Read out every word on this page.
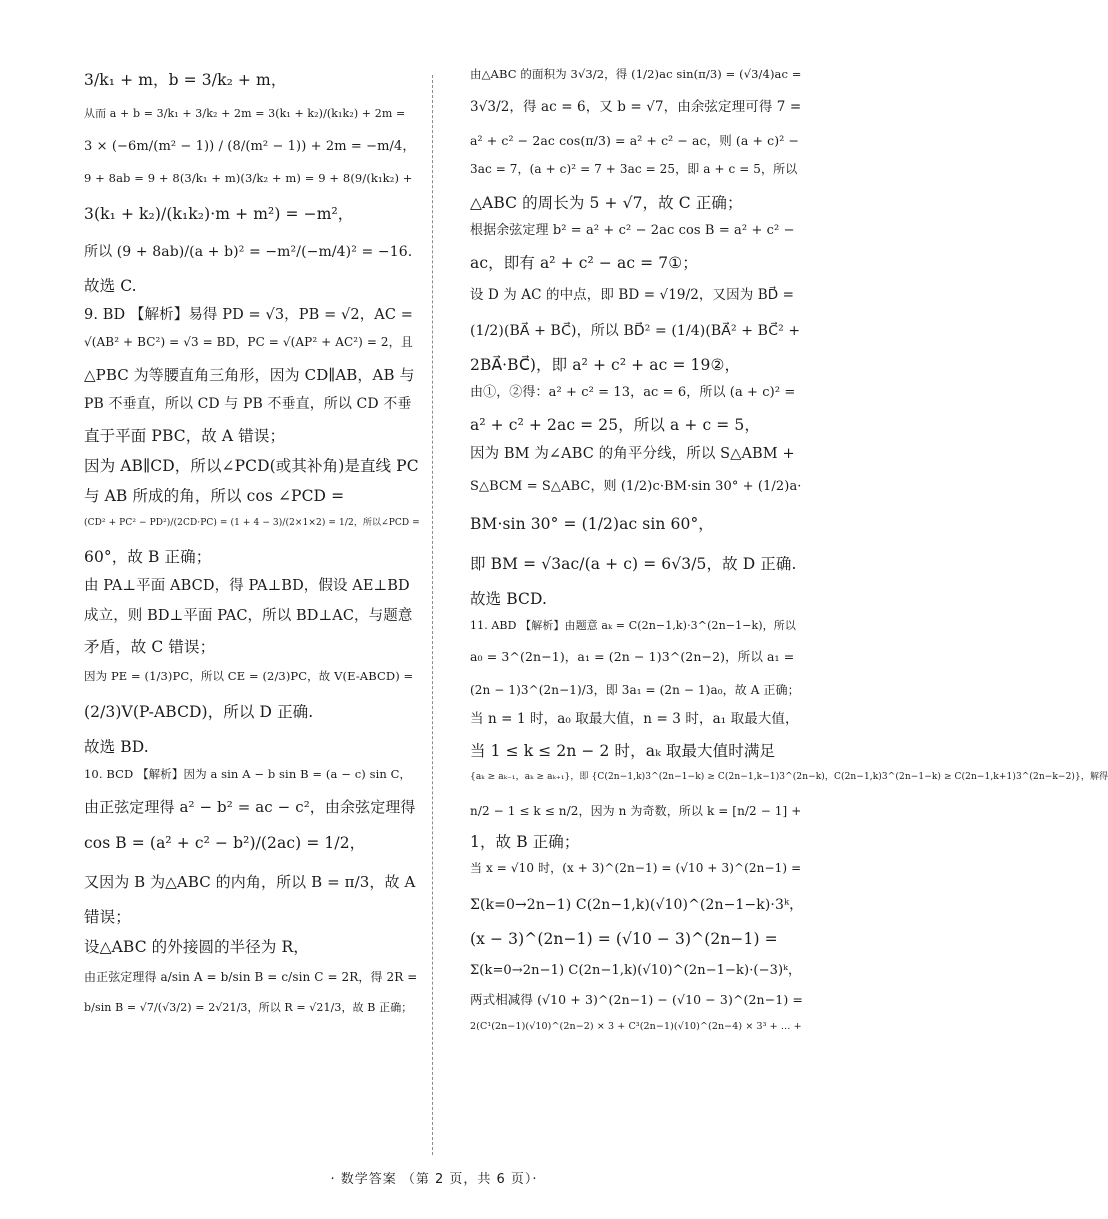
3/k₁ + m，b = 3/k₂ + m，

从而 a + b = 3/k₁ + 3/k₂ + 2m = 3(k₁ + k₂)/(k₁k₂) + 2m =

3 × (−6m/(m² − 1)) / (8/(m² − 1)) + 2m = −m/4，

9 + 8ab = 9 + 8(3/k₁ + m)(3/k₂ + m) = 9 + 8(9/(k₁k₂) +

3(k₁ + k₂)/(k₁k₂)·m + m²) = −m²，

所以 (9 + 8ab)/(a + b)² = −m²/(−m/4)² = −16.

故选 C.

9. BD 【解析】易得 PD = √3，PB = √2，AC =

√(AB² + BC²) = √3 = BD，PC = √(AP² + AC²) = 2，且

△PBC 为等腰直角三角形，因为 CD∥AB，AB 与

PB 不垂直，所以 CD 与 PB 不垂直，所以 CD 不垂

直于平面 PBC，故 A 错误；

因为 AB∥CD，所以∠PCD(或其补角)是直线 PC

与 AB 所成的角，所以 cos ∠PCD =

(CD² + PC² − PD²)/(2CD·PC) = (1 + 4 − 3)/(2×1×2) = 1/2，所以∠PCD =

60°，故 B 正确；

由 PA⊥平面 ABCD，得 PA⊥BD，假设 AE⊥BD

成立，则 BD⊥平面 PAC，所以 BD⊥AC，与题意

矛盾，故 C 错误；

因为 PE = (1/3)PC，所以 CE = (2/3)PC，故 V(E-ABCD) =

(2/3)V(P-ABCD)，所以 D 正确.

故选 BD.

10. BCD 【解析】因为 a sin A − b sin B = (a − c) sin C，

由正弦定理得 a² − b² = ac − c²，由余弦定理得

cos B = (a² + c² − b²)/(2ac) = 1/2，

又因为 B 为△ABC 的内角，所以 B = π/3，故 A

错误；

设△ABC 的外接圆的半径为 R，

由正弦定理得 a/sin A = b/sin B = c/sin C = 2R，得 2R =

b/sin B = √7/(√3/2) = 2√21/3，所以 R = √21/3，故 B 正确；

由△ABC 的面积为 3√3/2，得 (1/2)ac sin(π/3) = (√3/4)ac =

3√3/2，得 ac = 6，又 b = √7，由余弦定理可得 7 =

a² + c² − 2ac cos(π/3) = a² + c² − ac，则 (a + c)² −

3ac = 7，(a + c)² = 7 + 3ac = 25，即 a + c = 5，所以

△ABC 的周长为 5 + √7，故 C 正确；

根据余弦定理 b² = a² + c² − 2ac cos B = a² + c² −

ac，即有 a² + c² − ac = 7①；

设 D 为 AC 的中点，即 BD = √19/2，又因为 BD⃗ =

(1/2)(BA⃗ + BC⃗)，所以 BD⃗² = (1/4)(BA⃗² + BC⃗² +

2BA⃗·BC⃗)，即 a² + c² + ac = 19②，

由①，②得：a² + c² = 13，ac = 6，所以 (a + c)² =

a² + c² + 2ac = 25，所以 a + c = 5，

因为 BM 为∠ABC 的角平分线，所以 S△ABM +

S△BCM = S△ABC，则 (1/2)c·BM·sin 30° + (1/2)a·

BM·sin 30° = (1/2)ac sin 60°，

即 BM = √3ac/(a + c) = 6√3/5，故 D 正确.

故选 BCD.

11. ABD 【解析】由题意 aₖ = C(2n−1,k)·3^(2n−1−k)，所以

a₀ = 3^(2n−1)，a₁ = (2n − 1)3^(2n−2)，所以 a₁ =

(2n − 1)3^(2n−1)/3，即 3a₁ = (2n − 1)a₀，故 A 正确；

当 n = 1 时，a₀ 取最大值，n = 3 时，a₁ 取最大值，

当 1 ≤ k ≤ 2n − 2 时，aₖ 取最大值时满足

{aₖ ≥ aₖ₋₁，aₖ ≥ aₖ₊₁}，即 {C(2n−1,k)3^(2n−1−k) ≥ C(2n−1,k−1)3^(2n−k)，C(2n−1,k)3^(2n−1−k) ≥ C(2n−1,k+1)3^(2n−k−2)}，解得

n/2 − 1 ≤ k ≤ n/2，因为 n 为奇数，所以 k = [n/2 − 1] +

1，故 B 正确；

当 x = √10 时，(x + 3)^(2n−1) = (√10 + 3)^(2n−1) =

Σ(k=0→2n−1) C(2n−1,k)(√10)^(2n−1−k)·3ᵏ，

(x − 3)^(2n−1) = (√10 − 3)^(2n−1) =

Σ(k=0→2n−1) C(2n−1,k)(√10)^(2n−1−k)·(−3)ᵏ，

两式相减得 (√10 + 3)^(2n−1) − (√10 − 3)^(2n−1) =

2(C¹(2n−1)(√10)^(2n−2) × 3 + C³(2n−1)(√10)^(2n−4) × 3³ + … +

· 数学答案 （第 2 页，共 6 页）·
